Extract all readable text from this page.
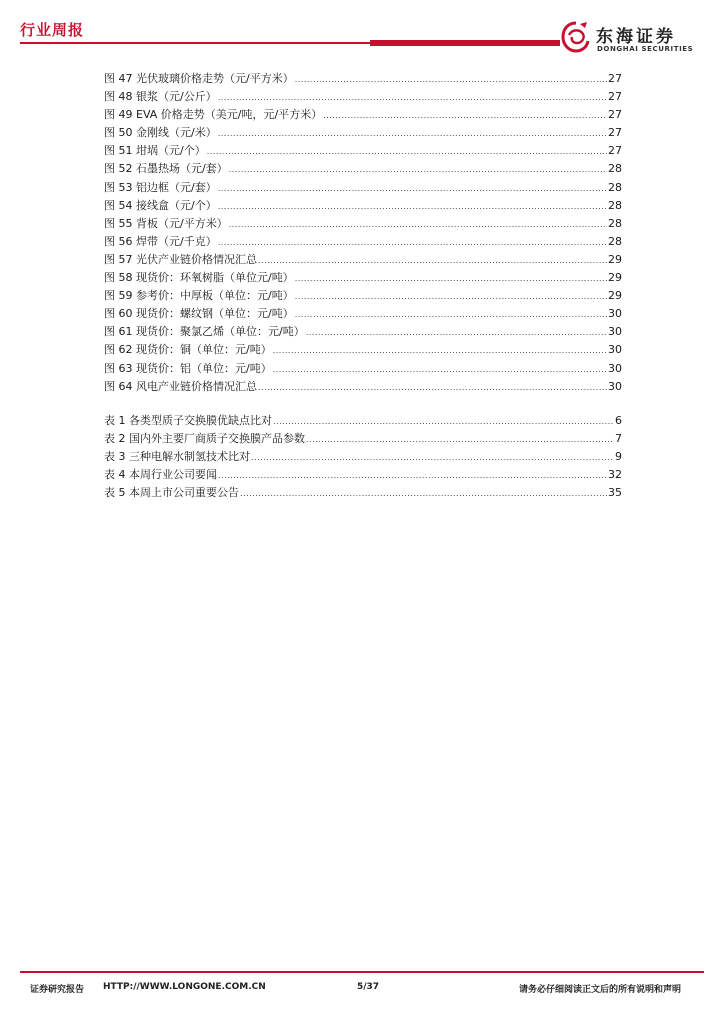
行业周报	东海证券
DONGHAI SECURITIES
图 47 光伏玻璃价格走势（元/平方米） .....	27
图 48 银浆（元/公斤） .....	27
图 49 EVA 价格走势（美元/吨，元/平方米） .....	27
图 50 金刚线（元/米） .....	27
图 51 坩埚（元/个） .....	27
图 52 石墨热场（元/套） .....	28
图 53 铝边框（元/套） .....	28
图 54 接线盒（元/个） .....	28
图 55 背板（元/平方米） .....	28
图 56 焊带（元/千克） .....	28
图 57 光伏产业链价格情况汇总 .....	29
图 58 现货价：环氧树脂（单位元/吨） .....	29
图 59 参考价：中厚板（单位：元/吨） .....	29
图 60 现货价：螺纹钢（单位：元/吨） .....	30
图 61 现货价：聚氯乙烯（单位：元/吨） .....	30
图 62 现货价：铜（单位：元/吨） .....	30
图 63 现货价：铝（单位：元/吨） .....	30
图 64 风电产业链价格情况汇总 .....	30
表 1 各类型质子交换膜优缺点比对 .....	6
表 2 国内外主要厂商质子交换膜产品参数 .....	7
表 3 三种电解水制氢技术比对 .....	9
表 4 本周行业公司要闻 .....	32
表 5 本周上市公司重要公告 .....	35
证券研究报告 HTTP://WWW.LONGONE.COM.CN	5/37	请务必仔细阅读正文后的所有说明和声明
